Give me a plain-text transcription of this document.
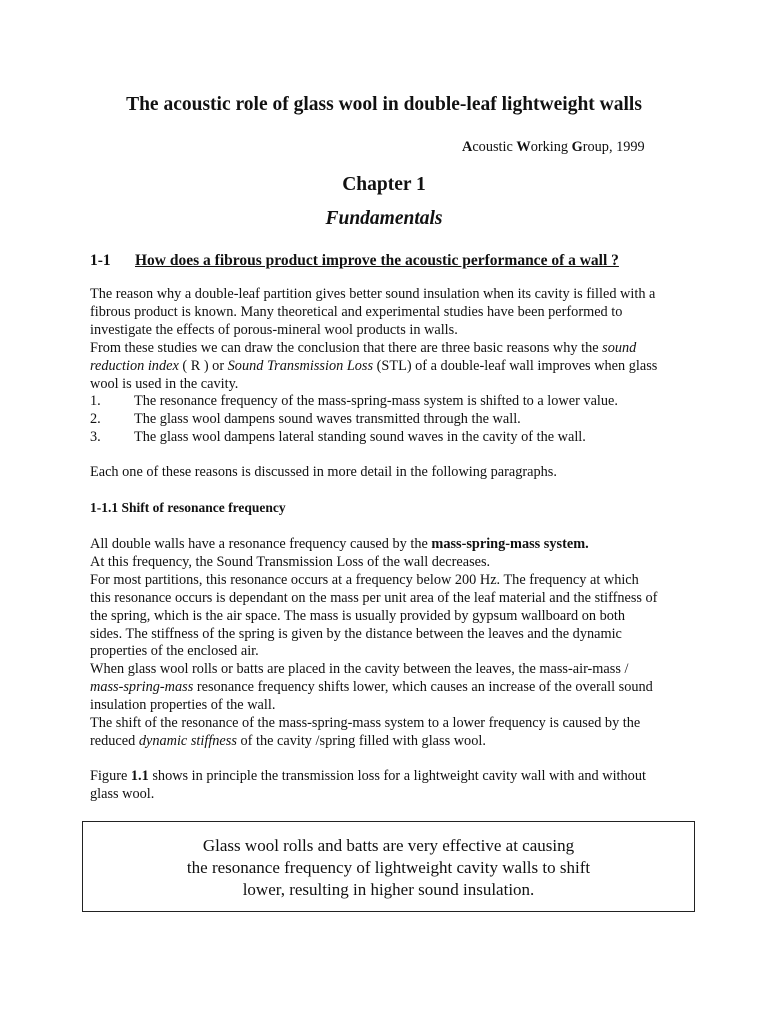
The acoustic role of glass wool in double-leaf lightweight walls

Acoustic Working Group, 1999

Chapter 1
Fundamentals
1-1 How does a fibrous product improve the acoustic performance of a wall ?
The reason why a double-leaf partition gives better sound insulation when its cavity is filled with a
fibrous product is known. Many theoretical and experimental studies have been performed to
investigate the effects of porous-mineral wool products in walls.
From these studies we can draw the conclusion that there are three basic reasons why the sound
reduction index ( R ) or Sound Transmission Loss (STL) of a double-leaf wall improves when glass
wool is used in the cavity.
1. The resonance frequency of the mass-spring-mass system is shifted to a lower value.
2. The glass wool dampens sound waves transmitted through the wall.
3. The glass wool dampens lateral standing sound waves in the cavity of the wall.

Each one of these reasons is discussed in more detail in the following paragraphs.

1-1.1 Shift of resonance frequency
All double walls have a resonance frequency caused by the mass-spring-mass system.
At this frequency, the Sound Transmission Loss of the wall decreases.
For most partitions, this resonance occurs at a frequency below 200 Hz. The frequency at which
this resonance occurs is dependant on the mass per unit area of the leaf material and the stiffness of
the spring, which is the air space. The mass is usually provided by gypsum wallboard on both
sides. The stiffness of the spring is given by the distance between the leaves and the dynamic
properties of the enclosed air.
When glass wool rolls or batts are placed in the cavity between the leaves, the mass-air-mass /
mass-spring-mass resonance frequency shifts lower, which causes an increase of the overall sound
insulation properties of the wall.
The shift of the resonance of the mass-spring-mass system to a lower frequency is caused by the
reduced dynamic stiffness of the cavity /spring filled with glass wool.
Figure 1.1 shows in principle the transmission loss for a lightweight cavity wall with and without
glass wool.
Glass wool rolls and batts are very effective at causing
the resonance frequency of lightweight cavity walls to shift
lower, resulting in higher sound insulation.
